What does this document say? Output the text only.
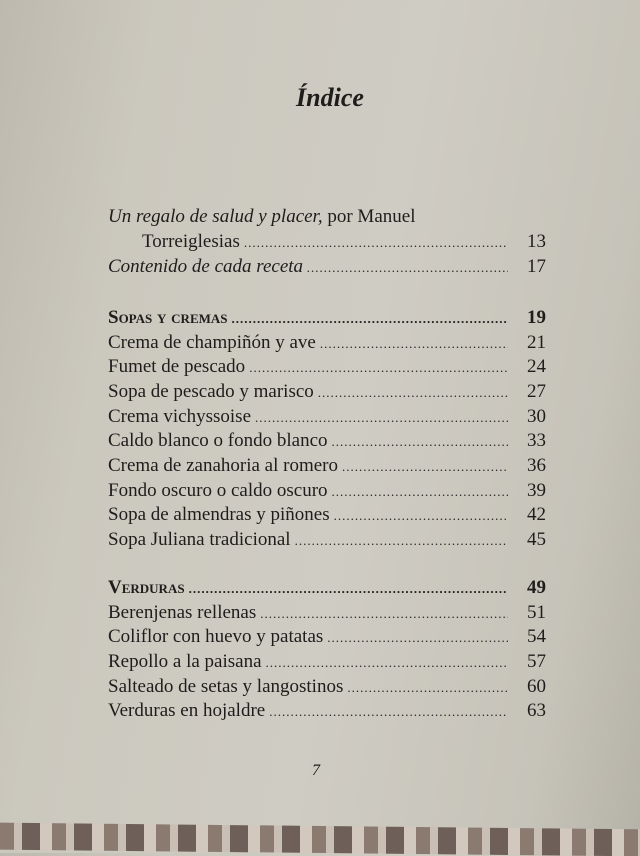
Índice
Un regalo de salud y placer, por Manuel
Torreiglesias .....	13
Contenido de cada receta .....	17
Sopas y cremas .....	19
Crema de champiñón y ave .....	21
Fumet de pescado .....	24
Sopa de pescado y marisco .....	27
Crema vichyssoise .....	30
Caldo blanco o fondo blanco .....	33
Crema de zanahoria al romero .....	36
Fondo oscuro o caldo oscuro .....	39
Sopa de almendras y piñones .....	42
Sopa Juliana tradicional .....	45
Verduras .....	49
Berenjenas rellenas .....	51
Coliflor con huevo y patatas .....	54
Repollo a la paisana .....	57
Salteado de setas y langostinos .....	60
Verduras en hojaldre .....	63
7
